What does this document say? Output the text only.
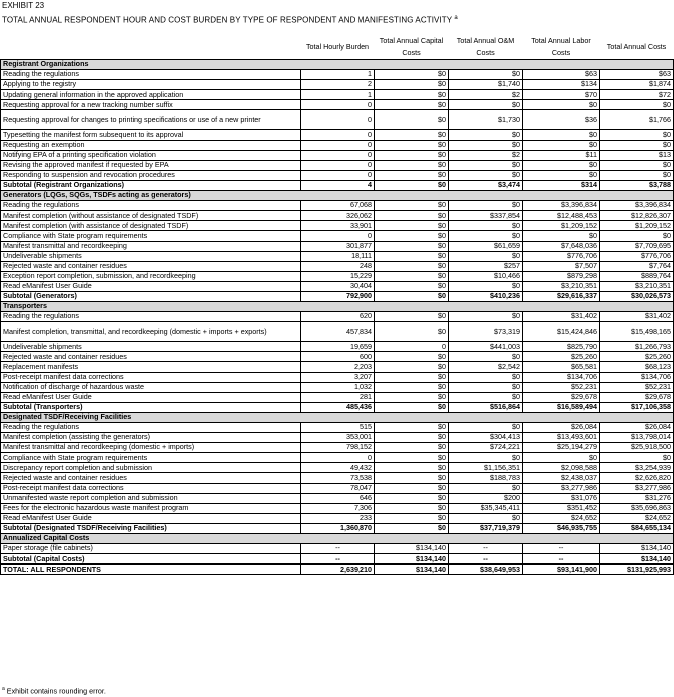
EXHIBIT 23
TOTAL ANNUAL RESPONDENT HOUR AND COST BURDEN BY TYPE OF RESPONDENT AND MANIFESTING ACTIVITY $^a$
	Total Hourly Burden	Total Annual Capital Costs	Total Annual O&M Costs	Total Annual Labor Costs	Total Annual Costs
Registrant Organizations					
Reading the regulations	1	$0	$0	$63	$63
Applying to the registry	2	$0	$1,740	$134	$1,874
Updating general information in the approved application	1	$0	$2	$70	$72
Requesting approval for a new tracking number suffix	0	$0	$0	$0	$0
Requesting approval for changes to printing specifications or use of a new printer	0	$0	$1,730	$36	$1,766
Typesetting the manifest form subsequent to its approval	0	$0	$0	$0	$0
Requesting an exemption	0	$0	$0	$0	$0
Notifying EPA of a printing specification violation	0	$0	$2	$11	$13
Revising the approved manifest if requested by EPA	0	$0	$0	$0	$0
Responding to suspension and revocation procedures	0	$0	$0	$0	$0
Subtotal (Registrant Organizations)	4	$0	$3,474	$314	$3,788
Generators (LQGs, SQGs, TSDFs acting as generators)					
Reading the regulations	67,068	$0	$0	$3,396,834	$3,396,834
Manifest completion (without assistance of designated TSDF)	326,062	$0	$337,854	$12,488,453	$12,826,307
Manifest completion (with assistance of designated TSDF)	33,901	$0	$0	$1,209,152	$1,209,152
Compliance with State program requirements	0	$0	$0	$0	$0
Manifest transmittal and recordkeeping	301,877	$0	$61,659	$7,648,036	$7,709,695
Undeliverable shipments	18,111	$0	$0	$776,706	$776,706
Rejected waste and container residues	248	$0	$257	$7,507	$7,764
Exception report completion, submission, and recordkeeping	15,229	$0	$10,466	$879,298	$889,764
Read eManifest User Guide	30,404	$0	$0	$3,210,351	$3,210,351
Subtotal (Generators)	792,900	$0	$410,236	$29,616,337	$30,026,573
Transporters					
Reading the regulations	620	$0	$0	$31,402	$31,402
Manifest completion, transmittal, and recordkeeping (domestic + imports + exports)	457,834	$0	$73,319	$15,424,846	$15,498,165
Undeliverable shipments	19,659	0	$441,003	$825,790	$1,266,793
Rejected waste and container residues	600	$0	$0	$25,260	$25,260
Replacement manifests	2,203	$0	$2,542	$65,581	$68,123
Post-receipt manifest data corrections	3,207	$0	$0	$134,706	$134,706
Notification of discharge of hazardous waste	1,032	$0	$0	$52,231	$52,231
Read eManifest User Guide	281	$0	$0	$29,678	$29,678
Subtotal (Transporters)	485,436	$0	$516,864	$16,589,494	$17,106,358
Designated TSDF/Receiving Facilities					
Reading the regulations	515	$0	$0	$26,084	$26,084
Manifest completion (assisting the generators)	353,001	$0	$304,413	$13,493,601	$13,798,014
Manifest transmittal and recordkeeping (domestic + imports)	798,152	$0	$724,221	$25,194,279	$25,918,500
Compliance with State program requirements	0	$0	$0	$0	$0
Discrepancy report completion and submission	49,432	$0	$1,156,351	$2,098,588	$3,254,939
Rejected waste and container residues	73,538	$0	$188,783	$2,438,037	$2,626,820
Post-receipt manifest data corrections	78,047	$0	$0	$3,277,986	$3,277,986
Unmanifested waste report completion and submission	646	$0	$200	$31,076	$31,276
Fees for the electronic hazardous waste manifest program	7,306	$0	$35,345,411	$351,452	$35,696,863
Read eManifest User Guide	233	$0	$0	$24,652	$24,652
Subtotal (Designated TSDF/Receiving Facilities)	1,360,870	$0	$37,719,379	$46,935,755	$84,655,134
Annualized Capital Costs					
Paper storage (file cabinets)	--	$134,140	--	--	$134,140
Subtotal (Capital Costs)	--	$134,140	--	--	$134,140
TOTAL: ALL RESPONDENTS	2,639,210	$134,140	$38,649,953	$93,141,900	$131,925,993
$^a$ Exhibit contains rounding error.
